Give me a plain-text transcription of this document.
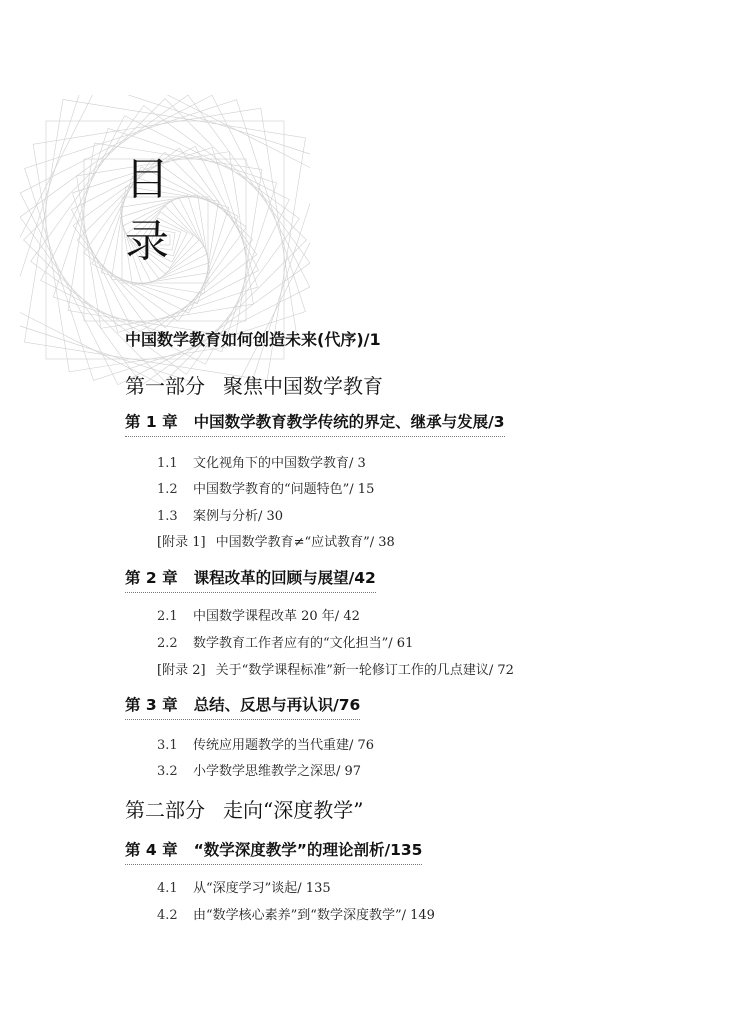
目
录
中国数学教育如何创造未来(代序)/1
第一部分 聚焦中国数学教育
第 1 章 中国数学教育教学传统的界定、继承与发展/3
1.1 文化视角下的中国数学教育/ 3
1.2 中国数学教育的“问题特色”/ 15
1.3 案例与分析/ 30
[附录 1] 中国数学教育≠“应试教育”/ 38
第 2 章 课程改革的回顾与展望/42
2.1 中国数学课程改革 20 年/ 42
2.2 数学教育工作者应有的“文化担当”/ 61
[附录 2] 关于“数学课程标准”新一轮修订工作的几点建议/ 72
第 3 章 总结、反思与再认识/76
3.1 传统应用题教学的当代重建/ 76
3.2 小学数学思维教学之深思/ 97
第二部分 走向“深度教学”
第 4 章 “数学深度教学”的理论剖析/135
4.1 从“深度学习”谈起/ 135
4.2 由“数学核心素养”到“数学深度教学”/ 149
